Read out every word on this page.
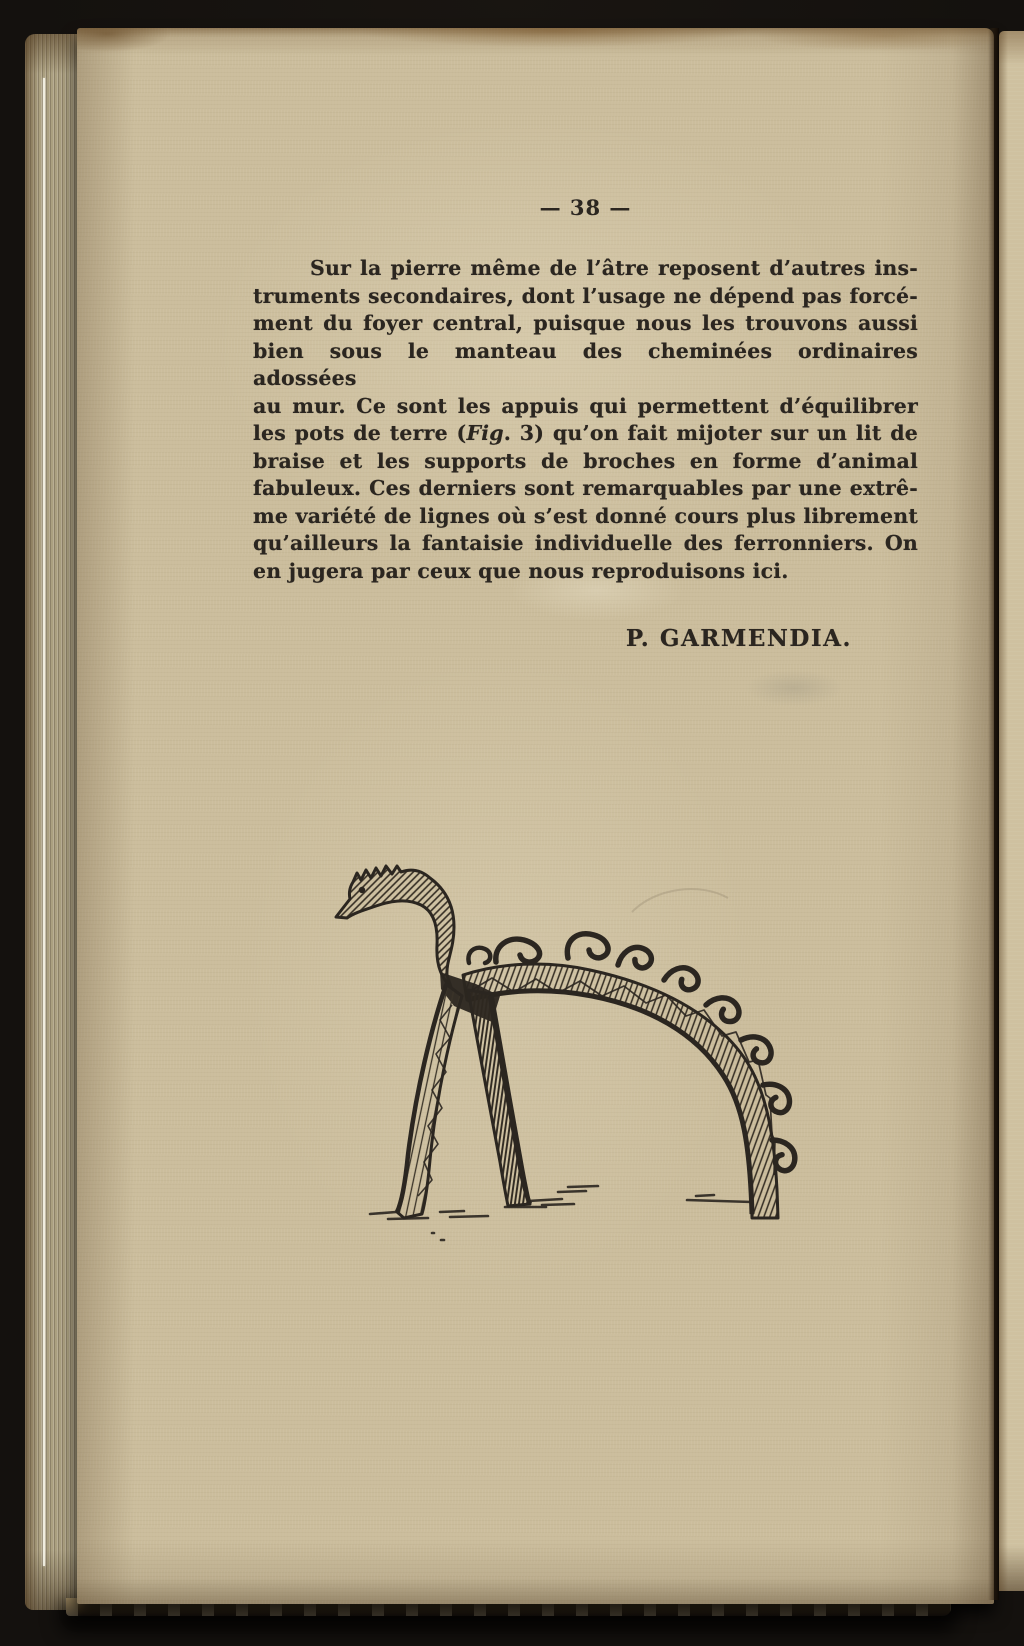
— 38 —
Sur la pierre même de l’âtre reposent d’autres ins-
truments secondaires, dont l’usage ne dépend pas forcé-
ment du foyer central, puisque nous les trouvons aussi
bien sous le manteau des cheminées ordinaires adossées
au mur. Ce sont les appuis qui permettent d’équilibrer
les pots de terre (Fig. 3) qu’on fait mijoter sur un lit de
braise et les supports de broches en forme d’animal
fabuleux. Ces derniers sont remarquables par une extrê-
me variété de lignes où s’est donné cours plus librement
qu’ailleurs la fantaisie individuelle des ferronniers. On
en jugera par ceux que nous reproduisons ici.
P. GARMENDIA.
